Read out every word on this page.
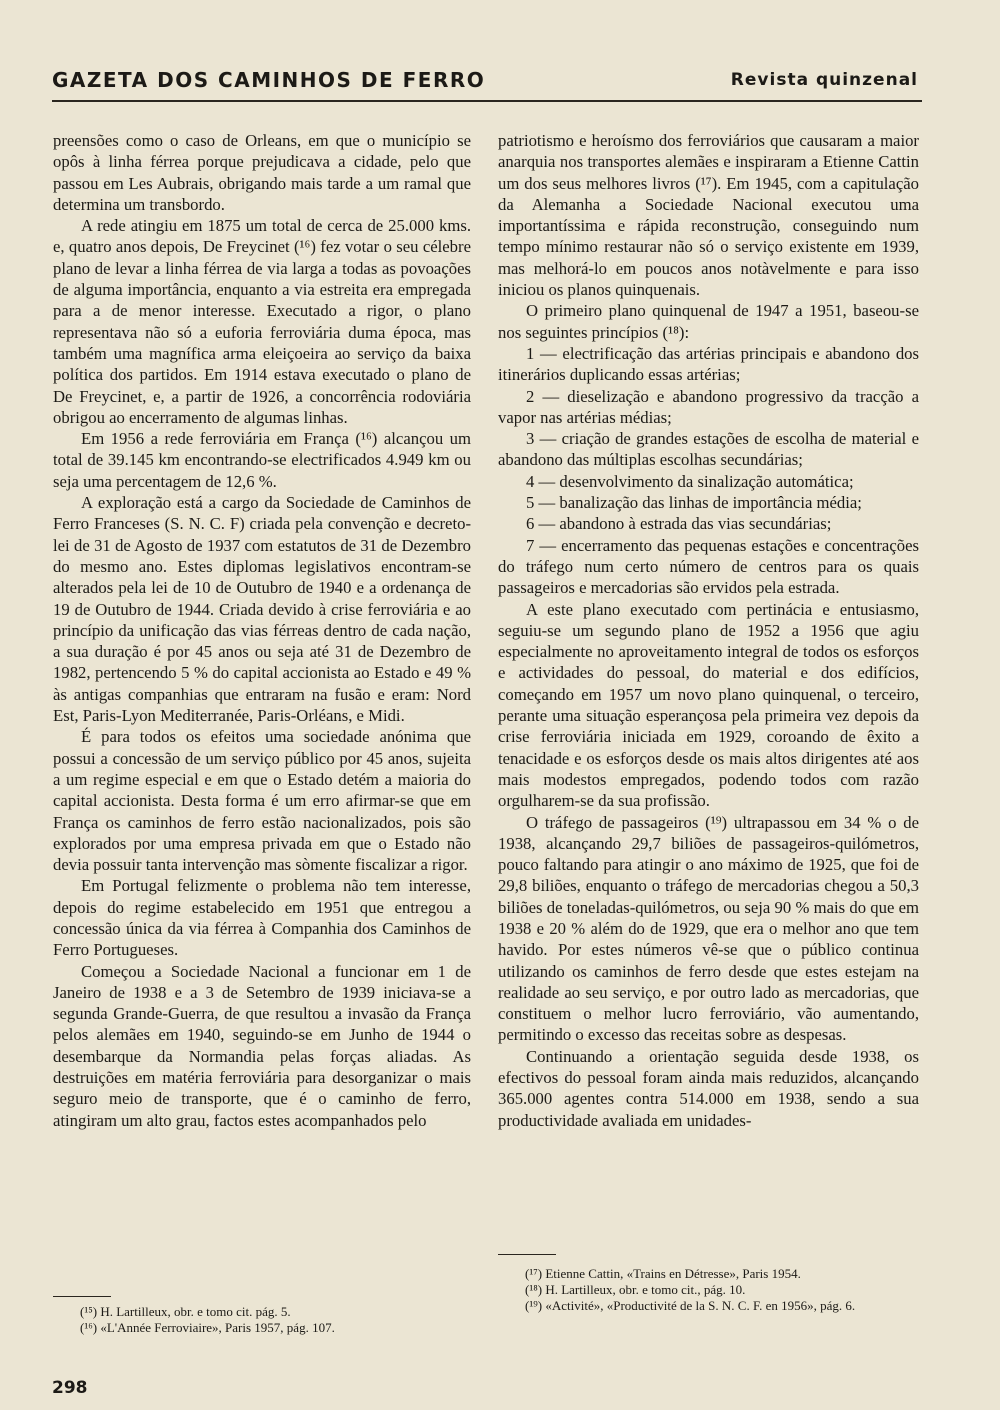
GAZETA DOS CAMINHOS DE FERRO	Revista quinzenal

preensões como o caso de Orleans, em que o município se opôs à linha férrea porque prejudicava a cidade, pelo que passou em Les Aubrais, obrigando mais tarde a um ramal que determina um transbordo.

A rede atingiu em 1875 um total de cerca de 25.000 kms. e, quatro anos depois, De Freycinet (¹⁶) fez votar o seu célebre plano de levar a linha férrea de via larga a todas as povoações de alguma importância, enquanto a via estreita era empregada para a de menor interesse. Executado a rigor, o plano representava não só a euforia ferroviária duma época, mas também uma magnífica arma eleiçoeira ao serviço da baixa política dos partidos. Em 1914 estava executado o plano de De Freycinet, e, a partir de 1926, a concorrência rodoviária obrigou ao encerramento de algumas linhas.

Em 1956 a rede ferroviária em França (¹⁶) alcançou um total de 39.145 km encontrando-se electrificados 4.949 km ou seja uma percentagem de 12,6 %.

A exploração está a cargo da Sociedade de Caminhos de Ferro Franceses (S. N. C. F) criada pela convenção e decreto-lei de 31 de Agosto de 1937 com estatutos de 31 de Dezembro do mesmo ano. Estes diplomas legislativos encontram-se alterados pela lei de 10 de Outubro de 1940 e a ordenança de 19 de Outubro de 1944. Criada devido à crise ferroviária e ao princípio da unificação das vias férreas dentro de cada nação, a sua duração é por 45 anos ou seja até 31 de Dezembro de 1982, pertencendo 5 % do capital accionista ao Estado e 49 % às antigas companhias que entraram na fusão e eram: Nord Est, Paris-Lyon Mediterranée, Paris-Orléans, e Midi.

É para todos os efeitos uma sociedade anónima que possui a concessão de um serviço público por 45 anos, sujeita a um regime especial e em que o Estado detém a maioria do capital accionista. Desta forma é um erro afirmar-se que em França os caminhos de ferro estão nacionalizados, pois são explorados por uma empresa privada em que o Estado não devia possuir tanta intervenção mas sòmente fiscalizar a rigor.

Em Portugal felizmente o problema não tem interesse, depois do regime estabelecido em 1951 que entregou a concessão única da via férrea à Companhia dos Caminhos de Ferro Portugueses.

Começou a Sociedade Nacional a funcionar em 1 de Janeiro de 1938 e a 3 de Setembro de 1939 iniciava-se a segunda Grande-Guerra, de que resultou a invasão da França pelos alemães em 1940, seguindo-se em Junho de 1944 o desembarque da Normandia pelas forças aliadas. As destruições em matéria ferroviária para desorganizar o mais seguro meio de transporte, que é o caminho de ferro, atingiram um alto grau, factos estes acompanhados pelo

patriotismo e heroísmo dos ferroviários que causaram a maior anarquia nos transportes alemães e inspiraram a Etienne Cattin um dos seus melhores livros (¹⁷). Em 1945, com a capitulação da Alemanha a Sociedade Nacional executou uma importantíssima e rápida reconstrução, conseguindo num tempo mínimo restaurar não só o serviço existente em 1939, mas melhorá-lo em poucos anos notàvelmente e para isso iniciou os planos quinquenais.

O primeiro plano quinquenal de 1947 a 1951, baseou-se nos seguintes princípios (¹⁸):

1 — electrificação das artérias principais e abandono dos itinerários duplicando essas artérias;
2 — dieselização e abandono progressivo da tracção a vapor nas artérias médias;
3 — criação de grandes estações de escolha de material e abandono das múltiplas escolhas secundárias;
4 — desenvolvimento da sinalização automática;
5 — banalização das linhas de importância média;
6 — abandono à estrada das vias secundárias;
7 — encerramento das pequenas estações e concentrações do tráfego num certo número de centros para os quais passageiros e mercadorias são ervidos pela estrada.

A este plano executado com pertinácia e entusiasmo, seguiu-se um segundo plano de 1952 a 1956 que agiu especialmente no aproveitamento integral de todos os esforços e actividades do pessoal, do material e dos edifícios, começando em 1957 um novo plano quinquenal, o terceiro, perante uma situação esperançosa pela primeira vez depois da crise ferroviária iniciada em 1929, coroando de êxito a tenacidade e os esforços desde os mais altos dirigentes até aos mais modestos empregados, podendo todos com razão orgulharem-se da sua profissão.

O tráfego de passageiros (¹⁹) ultrapassou em 34 % o de 1938, alcançando 29,7 biliões de passageiros-quilómetros, pouco faltando para atingir o ano máximo de 1925, que foi de 29,8 biliões, enquanto o tráfego de mercadorias chegou a 50,3 biliões de toneladas-quilómetros, ou seja 90 % mais do que em 1938 e 20 % além do de 1929, que era o melhor ano que tem havido. Por estes números vê-se que o público continua utilizando os caminhos de ferro desde que estes estejam na realidade ao seu serviço, e por outro lado as mercadorias, que constituem o melhor lucro ferroviário, vão aumentando, permitindo o excesso das receitas sobre as despesas.

Continuando a orientação seguida desde 1938, os efectivos do pessoal foram ainda mais reduzidos, alcançando 365.000 agentes contra 514.000 em 1938, sendo a sua productividade avaliada em unidades-

(¹⁵) H. Lartilleux, obr. e tomo cit. pág. 5.
(¹⁶) «L'Année Ferroviaire», Paris 1957, pág. 107.
(¹⁷) Etienne Cattin, «Trains en Détresse», Paris 1954.
(¹⁸) H. Lartilleux, obr. e tomo cit., pág. 10.
(¹⁹) «Activité», «Productivité de la S. N. C. F. en 1956», pág. 6.
298
